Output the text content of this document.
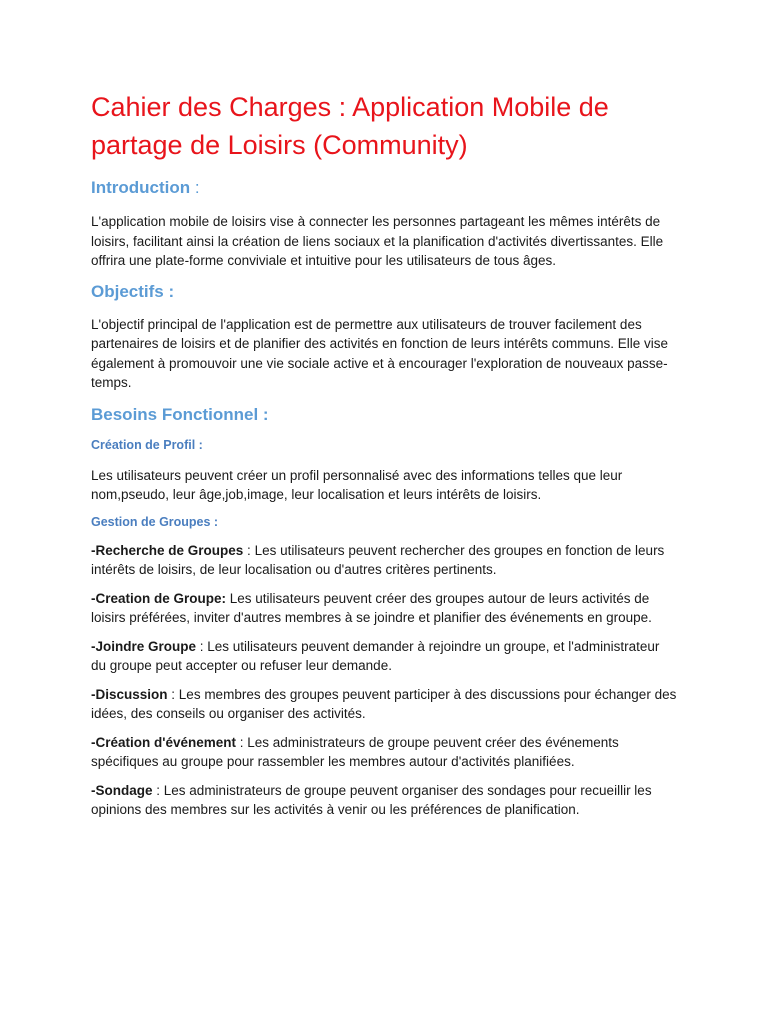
Cahier des Charges : Application Mobile de partage de Loisirs (Community)
Introduction :

L'application mobile de loisirs vise à connecter les personnes partageant les mêmes intérêts de loisirs, facilitant ainsi la création de liens sociaux et la planification d'activités divertissantes. Elle offrira une plate-forme conviviale et intuitive pour les utilisateurs de tous âges.

Objectifs :

L'objectif principal de l'application est de permettre aux utilisateurs de trouver facilement des partenaires de loisirs et de planifier des activités en fonction de leurs intérêts communs. Elle vise également à promouvoir une vie sociale active et à encourager l'exploration de nouveaux passe-temps.

Besoins Fonctionnel :
Création de Profil :

Les utilisateurs peuvent créer un profil personnalisé avec des informations telles que leur nom,pseudo, leur âge,job,image, leur localisation et leurs intérêts de loisirs.

Gestion de Groupes :

-Recherche de Groupes : Les utilisateurs peuvent rechercher des groupes en fonction de leurs intérêts de loisirs, de leur localisation ou d'autres critères pertinents.

-Creation de Groupe: Les utilisateurs peuvent créer des groupes autour de leurs activités de loisirs préférées, inviter d'autres membres à se joindre et planifier des événements en groupe.

-Joindre Groupe : Les utilisateurs peuvent demander à rejoindre un groupe, et l'administrateur du groupe peut accepter ou refuser leur demande.

-Discussion : Les membres des groupes peuvent participer à des discussions pour échanger des idées, des conseils ou organiser des activités.

-Création d'événement : Les administrateurs de groupe peuvent créer des événements spécifiques au groupe pour rassembler les membres autour d'activités planifiées.

-Sondage : Les administrateurs de groupe peuvent organiser des sondages pour recueillir les opinions des membres sur les activités à venir ou les préférences de planification.
